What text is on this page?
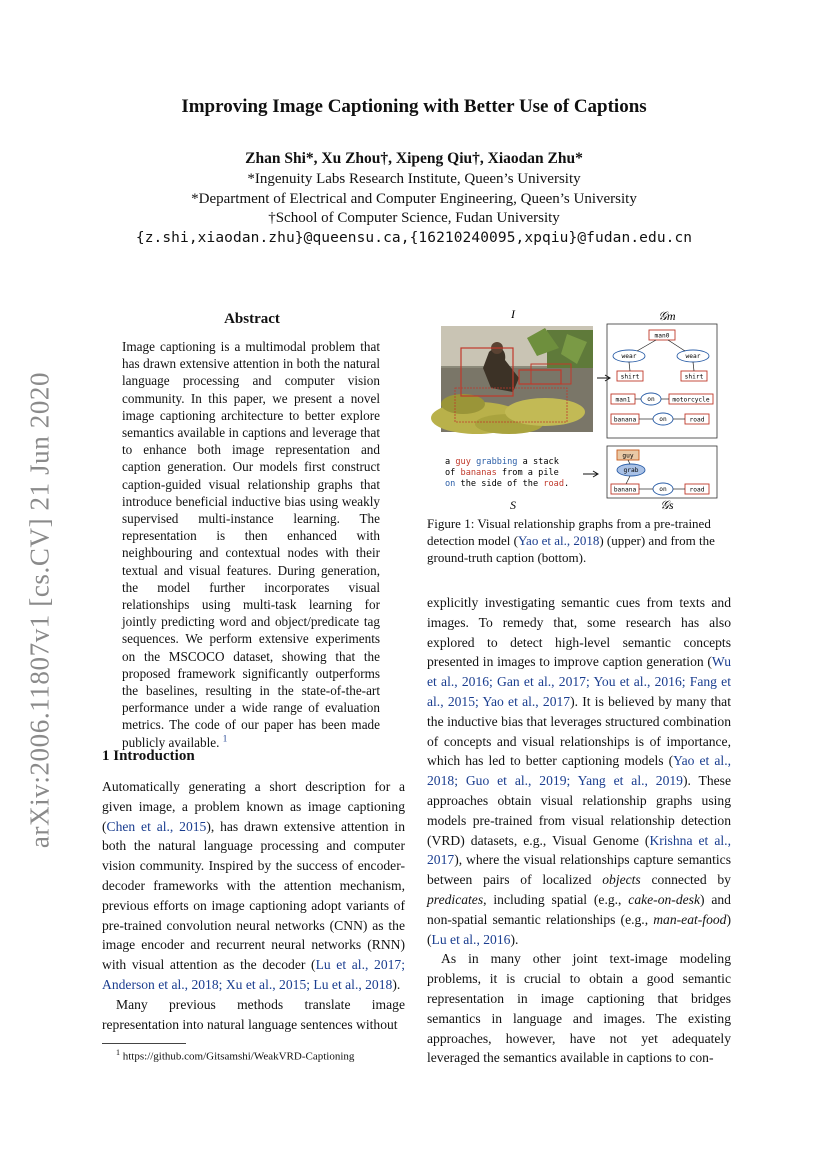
arXiv:2006.11807v1 [cs.CV] 21 Jun 2020
Improving Image Captioning with Better Use of Captions
Zhan Shi*, Xu Zhou†, Xipeng Qiu†, Xiaodan Zhu*
*Ingenuity Labs Research Institute, Queen’s University
*Department of Electrical and Computer Engineering, Queen’s University
†School of Computer Science, Fudan University
{z.shi,xiaodan.zhu}@queensu.ca,{16210240095,xpqiu}@fudan.edu.cn
Abstract
Image captioning is a multimodal problem that has drawn extensive attention in both the natural language processing and computer vision community. In this paper, we present a novel image captioning architecture to better explore semantics available in captions and leverage that to enhance both image representation and caption generation. Our models first construct caption-guided visual relationship graphs that introduce beneficial inductive bias using weakly supervised multi-instance learning. The representation is then enhanced with neighbouring and contextual nodes with their textual and visual features. During generation, the model further incorporates visual relationships using multi-task learning for jointly predicting word and object/predicate tag sequences. We perform extensive experiments on the MSCOCO dataset, showing that the proposed framework significantly outperforms the baselines, resulting in the state-of-the-art performance under a wide range of evaluation metrics. The code of our paper has been made publicly available. $^1$
1 Introduction

Automatically generating a short description for a given image, a problem known as image captioning (Chen et al., 2015), has drawn extensive attention in both the natural language processing and computer vision community. Inspired by the success of encoder-decoder frameworks with the attention mechanism, previous efforts on image captioning adopt variants of pre-trained convolution neural networks (CNN) as the image encoder and recurrent neural networks (RNN) with visual attention as the decoder (Lu et al., 2017; Anderson et al., 2018; Xu et al., 2015; Lu et al., 2018).

Many previous methods translate image representation into natural language sentences without

$^1$ https://github.com/Gitsamshi/WeakVRD-Captioning
I	𝒢m
S	𝒢s
man0
wear	wear
shirt	shirt
man1	on	motorcycle
banana	on	road
a guy grabbing a stack
of bananas from a pile
on the side of the road.
guy
grab
banana	on	road
Figure 1: Visual relationship graphs from a pre-trained detection model (Yao et al., 2018) (upper) and from the ground-truth caption (bottom).

explicitly investigating semantic cues from texts and images. To remedy that, some research has also explored to detect high-level semantic concepts presented in images to improve caption generation (Wu et al., 2016; Gan et al., 2017; You et al., 2016; Fang et al., 2015; Yao et al., 2017). It is believed by many that the inductive bias that leverages structured combination of concepts and visual relationships is of importance, which has led to better captioning models (Yao et al., 2018; Guo et al., 2019; Yang et al., 2019). These approaches obtain visual relationship graphs using models pre-trained from visual relationship detection (VRD) datasets, e.g., Visual Genome (Krishna et al., 2017), where the visual relationships capture semantics between pairs of localized objects connected by predicates, including spatial (e.g., cake-on-desk) and non-spatial semantic relationships (e.g., man-eat-food) (Lu et al., 2016).

As in many other joint text-image modeling problems, it is crucial to obtain a good semantic representation in image captioning that bridges semantics in language and images. The existing approaches, however, have not yet adequately leveraged the semantics available in captions to con-
